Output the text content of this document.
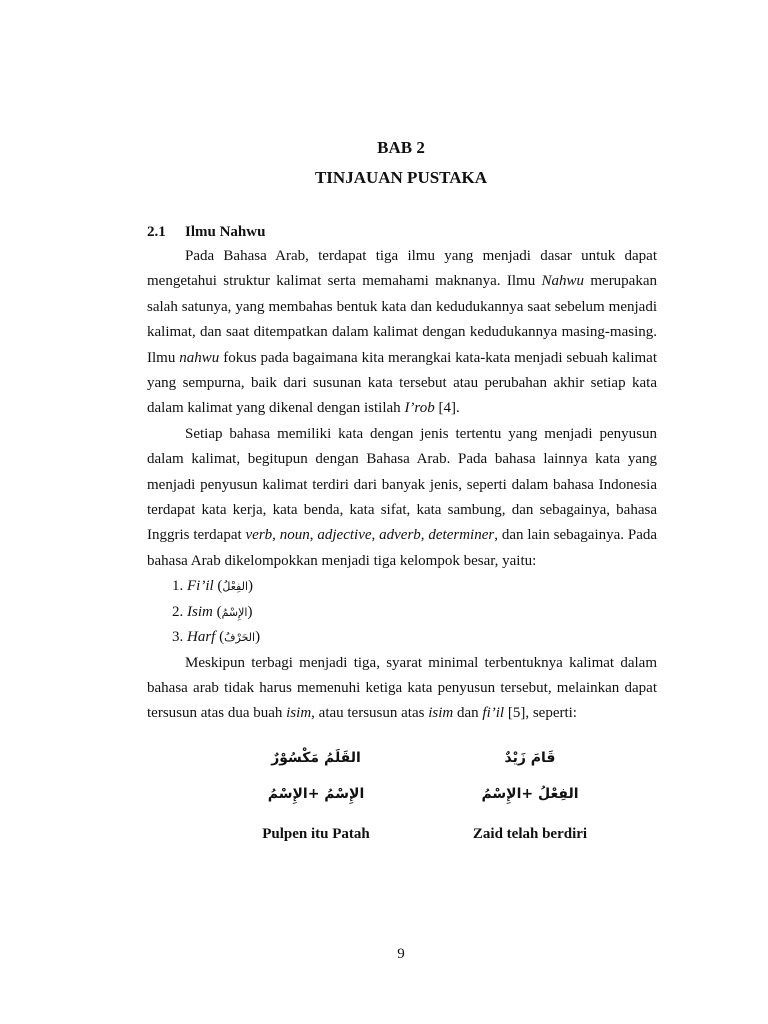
BAB 2
TINJAUAN PUSTAKA
2.1 Ilmu Nahwu

Pada Bahasa Arab, terdapat tiga ilmu yang menjadi dasar untuk dapat mengetahui struktur kalimat serta memahami maknanya. Ilmu Nahwu merupakan salah satunya, yang membahas bentuk kata dan kedudukannya saat sebelum menjadi kalimat, dan saat ditempatkan dalam kalimat dengan kedudukannya masing-masing. Ilmu nahwu fokus pada bagaimana kita merangkai kata-kata menjadi sebuah kalimat yang sempurna, baik dari susunan kata tersebut atau perubahan akhir setiap kata dalam kalimat yang dikenal dengan istilah I’rob [4].

Setiap bahasa memiliki kata dengan jenis tertentu yang menjadi penyusun dalam kalimat, begitupun dengan Bahasa Arab. Pada bahasa lainnya kata yang menjadi penyusun kalimat terdiri dari banyak jenis, seperti dalam bahasa Indonesia terdapat kata kerja, kata benda, kata sifat, kata sambung, dan sebagainya, bahasa Inggris terdapat verb, noun, adjective, adverb, determiner, dan lain sebagainya. Pada bahasa Arab dikelompokkan menjadi tiga kelompok besar, yaitu:

1. Fi’il (الفِعْلُ)
2. Isim (الإِسْمُ)
3. Harf (الحَرْفُ)

Meskipun terbagi menjadi tiga, syarat minimal terbentuknya kalimat dalam bahasa arab tidak harus memenuhi ketiga kata penyusun tersebut, melainkan dapat tersusun atas dua buah isim, atau tersusun atas isim dan fi’il [5], seperti:

القَلَمُ مَكْسُوْرٌ
الإِسْمُ +الإِسْمُ
Pulpen itu Patah
قَامَ زَيْدٌ
الفِعْلُ +الإِسْمُ
Zaid telah berdiri
9
